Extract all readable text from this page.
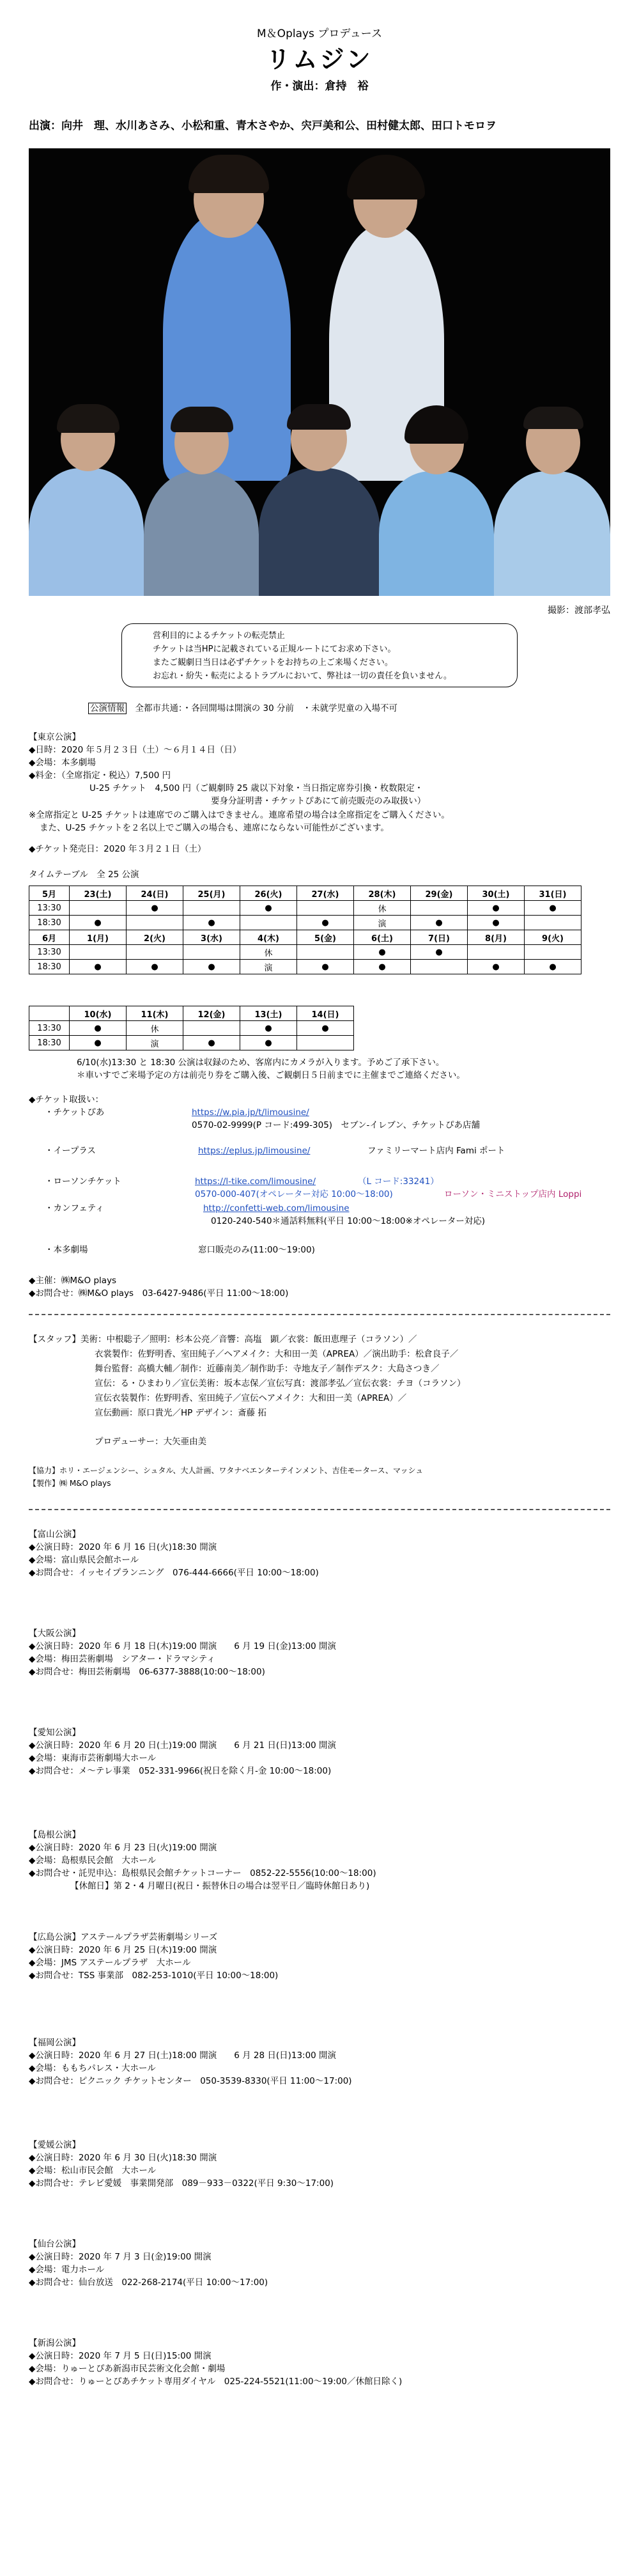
M＆Oplays プロデュース
リムジン
作・演出：倉持　裕
出演：向井　理、水川あさみ、小松和重、青木さやか、宍戸美和公、田村健太郎、田口トモロヲ
撮影：渡部孝弘
営利目的によるチケットの転売禁止
チケットは当HPに記載されている正規ルートにてお求め下さい。
またご観劇日当日は必ずチケットをお持ちの上ご来場ください。
お忘れ・紛失・転売によるトラブルにおいて、弊社は一切の責任を負いません。
公演情報　 全都市共通：・各回開場は開演の 30 分前　・未就学児童の入場不可
【東京公演】
◆日時：2020 年５月２３日（土）～６月１４日（日）
◆会場：本多劇場
◆料金：（全席指定・税込）7,500 円
U-25 チケット　4,500 円（ご観劇時 25 歳以下対象・当日指定席券引換・枚数限定・
要身分証明書・チケットぴあにて前売販売のみ取扱い）
※全席指定と U-25 チケットは連席でのご購入はできません。連席希望の場合は全席指定をご購入ください。
また、U-25 チケットを２名以上でご購入の場合も、連席にならない可能性がございます。
◆チケット発売日：2020 年３月２１日（土）
タイムテーブル　全 25 公演
5月	23(土)	24(日)	25(月)	26(火)	27(水)	28(木)	29(金)	30(土)	31(日)
13:30		●		●		休		●	●
18:30	●		●		●	演	●	●	
6月	1(月)	2(火)	3(水)	4(木)	5(金)	6(土)	7(日)	8(月)	9(火)
13:30				休		●	●		
18:30	●	●	●	演	●	●		●	●
	10(水)	11(木)	12(金)	13(土)	14(日)
13:30	●	休		●	●
18:30	●	演	●	●	
6/10(水)13:30 と 18:30 公演は収録のため、客席内にカメラが入ります。予めご了承下さい。
＊車いすでご来場予定の方は前売り券をご購入後、ご観劇日５日前までに主催までご連絡ください。
◆チケット取扱い：
・チケットぴあ	https://w.pia.jp/t/limousine/
0570-02-9999(P コード:499-305)　セブン-イレブン、チケットぴあ店舗
・イープラス	https://eplus.jp/limousine/	ファミリーマート店内 Fami ポート
・ローソンチケット	https://l-tike.com/limousine/	（L コード:33241）
0570-000-407(オペレーター対応 10:00～18:00)	ローソン・ミニストップ店内 Loppi
・カンフェティ	http://confetti-web.com/limousine
0120-240-540＊通話料無料(平日 10:00～18:00※オペレーター対応)
・本多劇場	窓口販売のみ(11:00～19:00)
◆主催：㈱M&O plays
◆お問合せ：㈱M&O plays　03-6427-9486(平日 11:00～18:00)
【スタッフ】美術：中根聡子／照明：杉本公亮／音響：高塩　顕／衣裳：飯田恵理子（コラソン）／
衣裳製作：佐野明香、室田純子／ヘアメイク：大和田一美（APREA）／演出助手：松倉良子／
舞台監督：高橋大輔／制作：近藤南美／制作助手：寺地友子／制作デスク：大島さつき／
宣伝：る・ひまわり／宣伝美術：坂本志保／宣伝写真：渡部孝弘／宣伝衣裳：チヨ（コラソン）
宣伝衣装製作：佐野明香、室田純子／宣伝ヘアメイク：大和田一美（APREA）／
宣伝動画：原口貴光／HP デザイン：斎藤 拓
プロデューサー：大矢亜由美
【協力】ホリ・エージェンシー、シュタル、大人計画、ワタナベエンターテインメント、吉住モータース、マッシュ
【製作】㈱ M&O plays
【富山公演】
◆公演日時：2020 年 6 月 16 日(火)18:30 開演
◆会場：富山県民会館ホール
◆お問合せ：イッセイプランニング　076-444-6666(平日 10:00～18:00)
【大阪公演】
◆公演日時：2020 年 6 月 18 日(木)19:00 開演　　6 月 19 日(金)13:00 開演
◆会場：梅田芸術劇場　シアター・ドラマシティ
◆お問合せ：梅田芸術劇場　06-6377-3888(10:00～18:00)
【愛知公演】
◆公演日時：2020 年 6 月 20 日(土)19:00 開演　　6 月 21 日(日)13:00 開演
◆会場：東海市芸術劇場大ホール
◆お問合せ：メ～テレ事業　052-331-9966(祝日を除く月-金 10:00～18:00)
【島根公演】
◆公演日時：2020 年 6 月 23 日(火)19:00 開演
◆会場：島根県民会館　大ホール
◆お問合せ・託児申込：島根県民会館チケットコーナー　0852-22-5556(10:00～18:00)
【休館日】第 2・4 月曜日(祝日・振替休日の場合は翌平日／臨時休館日あり)
【広島公演】アステールプラザ芸術劇場シリーズ
◆公演日時：2020 年 6 月 25 日(木)19:00 開演
◆会場：JMS アステールプラザ　大ホール
◆お問合せ：TSS 事業部　082-253-1010(平日 10:00～18:00)
【福岡公演】
◆公演日時：2020 年 6 月 27 日(土)18:00 開演　　6 月 28 日(日)13:00 開演
◆会場：ももちパレス・大ホール
◆お問合せ：ピクニック チケットセンター　050-3539-8330(平日 11:00～17:00)
【愛媛公演】
◆公演日時：2020 年 6 月 30 日(火)18:30 開演
◆会場：松山市民会館　大ホール
◆お問合せ：テレビ愛媛　事業開発部　089－933－0322(平日 9:30～17:00)
【仙台公演】
◆公演日時：2020 年 7 月 3 日(金)19:00 開演
◆会場：電力ホール
◆お問合せ：仙台放送　022-268-2174(平日 10:00～17:00)
【新潟公演】
◆公演日時：2020 年 7 月 5 日(日)15:00 開演
◆会場：りゅーとぴあ新潟市民芸術文化会館・劇場
◆お問合せ：りゅーとぴあチケット専用ダイヤル　025-224-5521(11:00～19:00／休館日除く)
